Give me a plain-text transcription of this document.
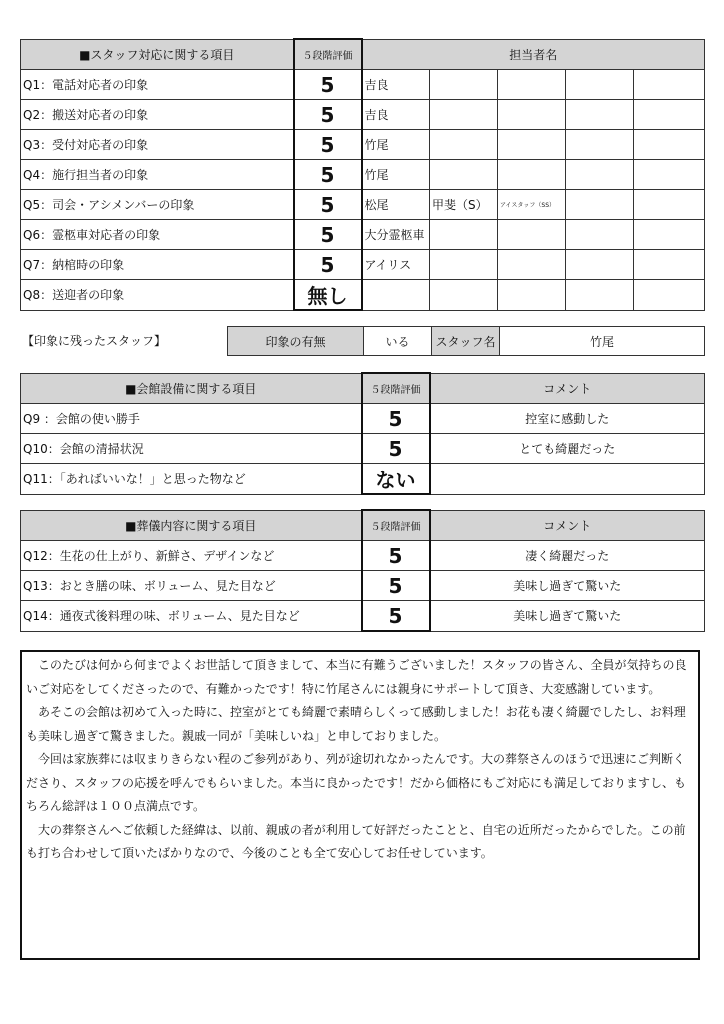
■スタッフ対応に関する項目	５段階評価	担当者名				
Q1：電話対応者の印象	5	吉良				
Q2：搬送対応者の印象	5	吉良				
Q3：受付対応者の印象	5	竹尾				
Q4：施行担当者の印象	5	竹尾				
Q5：司会・アシメンバーの印象	5	松尾	甲斐（S）	アイスタッフ（SS）		
Q6：霊柩車対応者の印象	5	大分霊柩車				
Q7：納棺時の印象	5	アイリス				
Q8：送迎者の印象	無し					
【印象に残ったスタッフ】	印象の有無	いる	スタッフ名	竹尾
■会館設備に関する項目	５段階評価	コメント
Q9 ：会館の使い勝手	5	控室に感動した
Q10：会館の清掃状況	5	とても綺麗だった
Q11：「あればいいな！」と思った物など	ない	
■葬儀内容に関する項目	５段階評価	コメント
Q12：生花の仕上がり、新鮮さ、デザインなど	5	凄く綺麗だった
Q13：おとき膳の味、ボリューム、見た目など	5	美味し過ぎて驚いた
Q14：通夜式後料理の味、ボリューム、見た目など	5	美味し過ぎて驚いた

このたびは何から何までよくお世話して頂きまして、本当に有難うございました！スタッフの皆さん、全員が気持ちの良いご対応をしてくださったので、有難かったです！特に竹尾さんには親身にサポートして頂き、大変感謝しています。

あそこの会館は初めて入った時に、控室がとても綺麗で素晴らしくって感動しました！お花も凄く綺麗でしたし、お料理も美味し過ぎて驚きました。親戚一同が「美味しいね」と申しておりました。

今回は家族葬には収まりきらない程のご参列があり、列が途切れなかったんです。大の葬祭さんのほうで迅速にご判断くださり、スタッフの応援を呼んでもらいました。本当に良かったです！だから価格にもご対応にも満足しておりますし、もちろん総評は１００点満点です。

大の葬祭さんへご依頼した経緯は、以前、親戚の者が利用して好評だったことと、自宅の近所だったからでした。この前も打ち合わせして頂いたばかりなので、今後のことも全て安心してお任せしています。
